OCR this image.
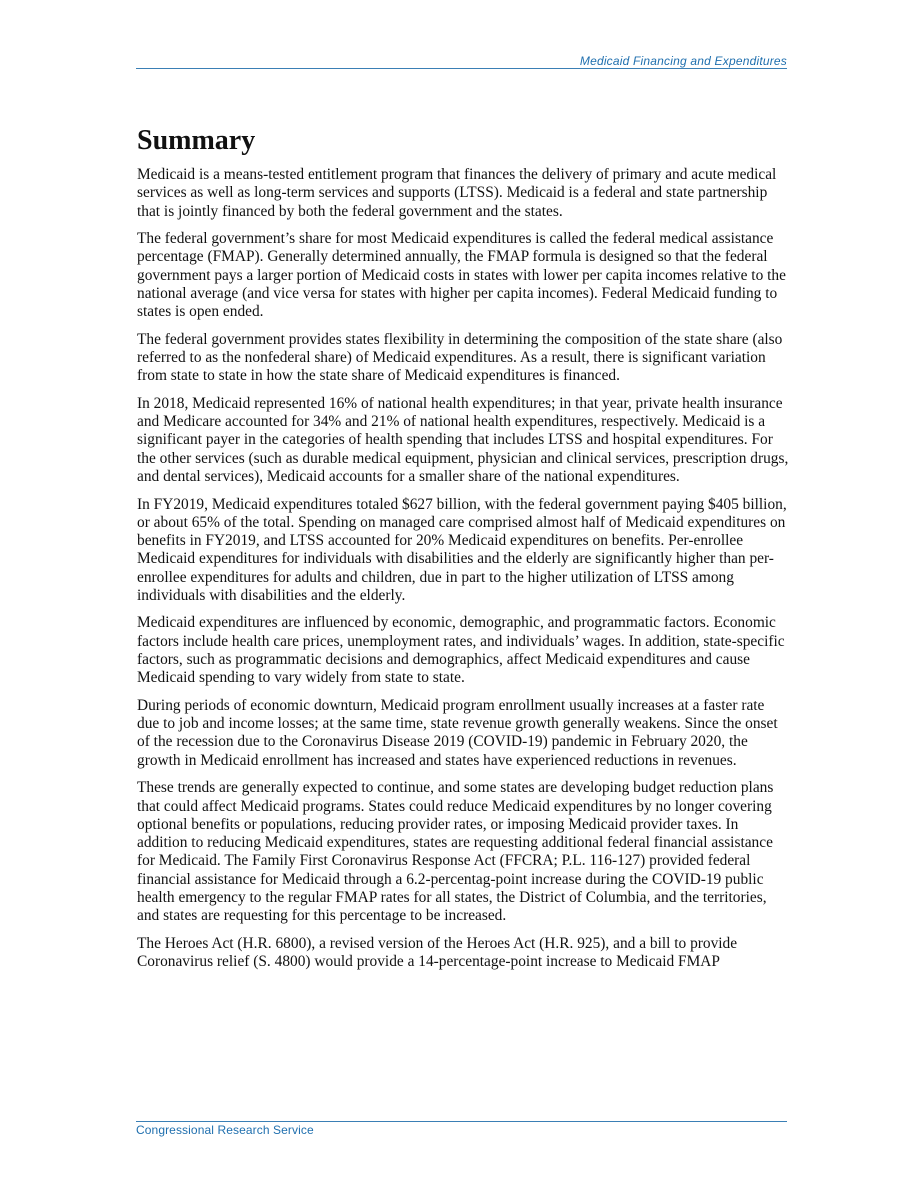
Medicaid Financing and Expenditures
Summary

Medicaid is a means-tested entitlement program that finances the delivery of primary and acute medical services as well as long-term services and supports (LTSS). Medicaid is a federal and state partnership that is jointly financed by both the federal government and the states.

The federal government’s share for most Medicaid expenditures is called the federal medical assistance percentage (FMAP). Generally determined annually, the FMAP formula is designed so that the federal government pays a larger portion of Medicaid costs in states with lower per capita incomes relative to the national average (and vice versa for states with higher per capita incomes). Federal Medicaid funding to states is open ended.

The federal government provides states flexibility in determining the composition of the state share (also referred to as the nonfederal share) of Medicaid expenditures. As a result, there is significant variation from state to state in how the state share of Medicaid expenditures is financed.

In 2018, Medicaid represented 16% of national health expenditures; in that year, private health insurance and Medicare accounted for 34% and 21% of national health expenditures, respectively. Medicaid is a significant payer in the categories of health spending that includes LTSS and hospital expenditures. For the other services (such as durable medical equipment, physician and clinical services, prescription drugs, and dental services), Medicaid accounts for a smaller share of the national expenditures.

In FY2019, Medicaid expenditures totaled $627 billion, with the federal government paying $405 billion, or about 65% of the total. Spending on managed care comprised almost half of Medicaid expenditures on benefits in FY2019, and LTSS accounted for 20% Medicaid expenditures on benefits. Per-enrollee Medicaid expenditures for individuals with disabilities and the elderly are significantly higher than per-enrollee expenditures for adults and children, due in part to the higher utilization of LTSS among individuals with disabilities and the elderly.

Medicaid expenditures are influenced by economic, demographic, and programmatic factors. Economic factors include health care prices, unemployment rates, and individuals’ wages. In addition, state-specific factors, such as programmatic decisions and demographics, affect Medicaid expenditures and cause Medicaid spending to vary widely from state to state.

During periods of economic downturn, Medicaid program enrollment usually increases at a faster rate due to job and income losses; at the same time, state revenue growth generally weakens. Since the onset of the recession due to the Coronavirus Disease 2019 (COVID-19) pandemic in February 2020, the growth in Medicaid enrollment has increased and states have experienced reductions in revenues.

These trends are generally expected to continue, and some states are developing budget reduction plans that could affect Medicaid programs. States could reduce Medicaid expenditures by no longer covering optional benefits or populations, reducing provider rates, or imposing Medicaid provider taxes. In addition to reducing Medicaid expenditures, states are requesting additional federal financial assistance for Medicaid. The Family First Coronavirus Response Act (FFCRA; P.L. 116-127) provided federal financial assistance for Medicaid through a 6.2-percentag-point increase during the COVID-19 public health emergency to the regular FMAP rates for all states, the District of Columbia, and the territories, and states are requesting for this percentage to be increased.

The Heroes Act (H.R. 6800), a revised version of the Heroes Act (H.R. 925), and a bill to provide Coronavirus relief (S. 4800) would provide a 14-percentage-point increase to Medicaid FMAP

Congressional Research Service
